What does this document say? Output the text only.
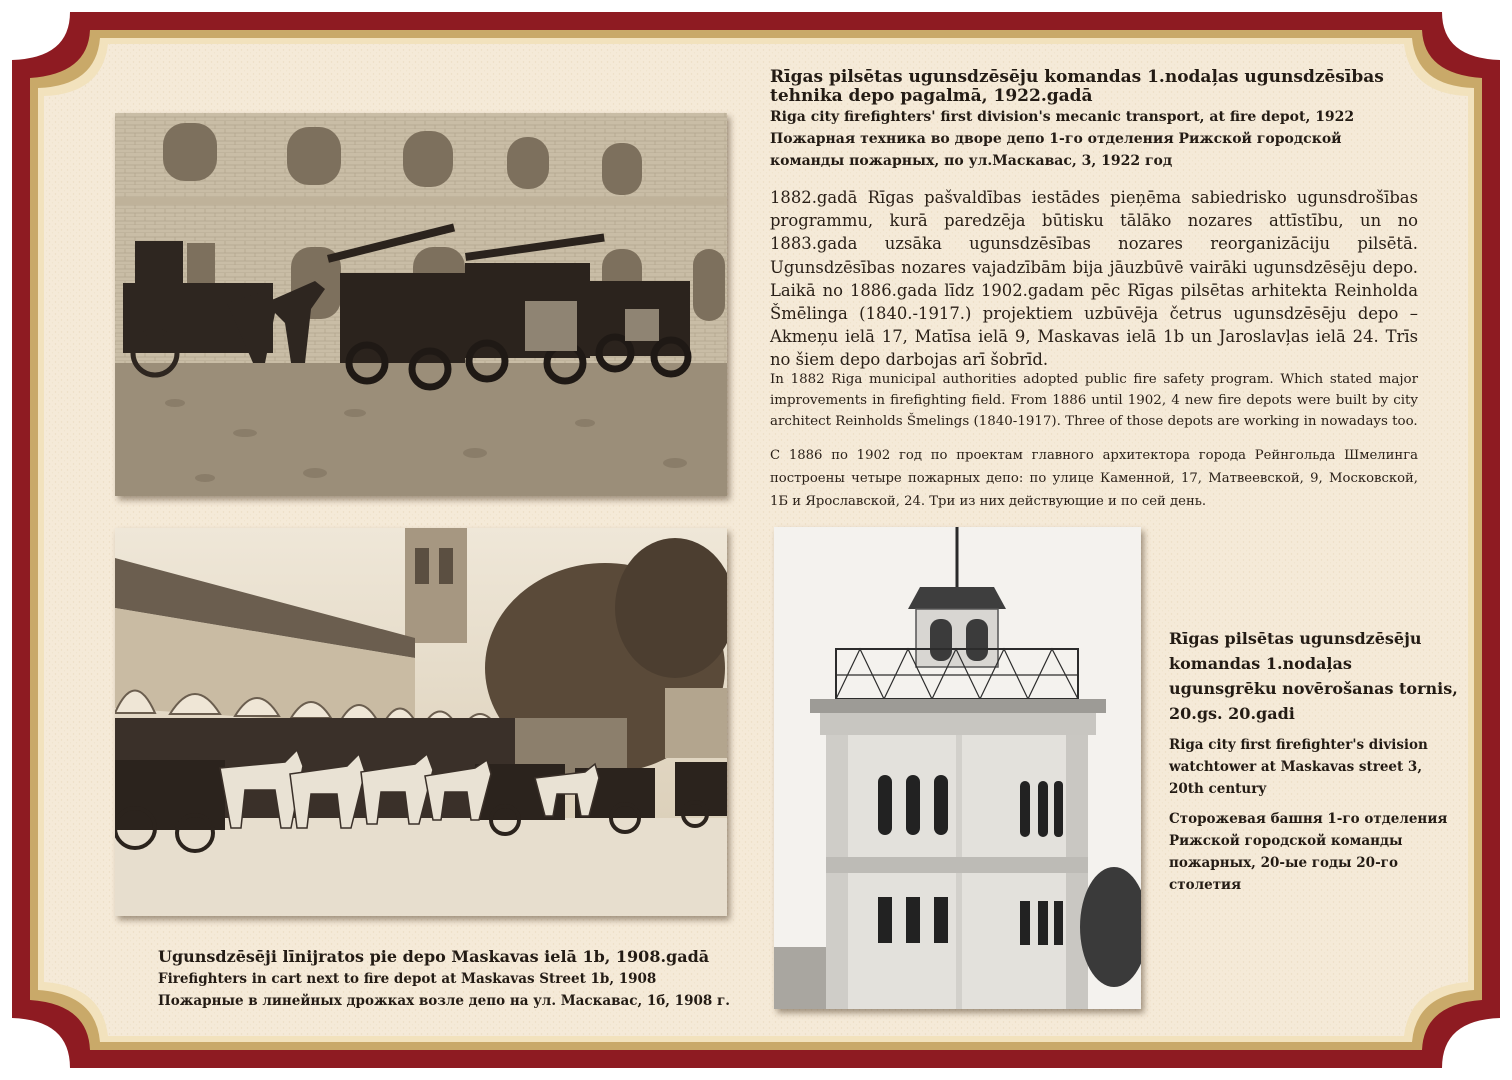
Rīgas pilsētas ugunsdzēsēju komandas 1.nodaļas ugunsdzēsības tehnika depo pagalmā, 1922.gadā

Riga city firefighters' first division's mecanic transport, at fire depot, 1922

Пожарная техника во дворе депо 1-го отделения Рижской городской команды пожарных, по ул.Маскавас, 3, 1922 год

1882.gadā Rīgas pašvaldības iestādes pieņēma sabiedrisko ugunsdrošības programmu, kurā paredzēja būtisku tālāko nozares attīstību, un no 1883.gada uzsāka ugunsdzēsības nozares reorganizāciju pilsētā. Ugunsdzēsības nozares vajadzībām bija jāuzbūvē vairāki ugunsdzēsēju depo. Laikā no 1886.gada līdz 1902.gadam pēc Rīgas pilsētas arhitekta Reinholda Šmēlinga (1840.-1917.) projektiem uzbūvēja četrus ugunsdzēsēju depo – Akmeņu ielā 17, Matīsa ielā 9, Maskavas ielā 1b un Jaroslavļas ielā 24. Trīs no šiem depo darbojas arī šobrīd.

In 1882 Riga municipal authorities adopted public fire safety program. Which stated major improvements in firefighting field. From 1886 until 1902, 4 new fire depots were built by city architect Reinholds Šmelings (1840-1917). Three of those depots are working in nowadays too.

С 1886 по 1902 год по проектам главного архитектора города Рейнгольда Шмелинга построены четыре пожарных депо: по улице Каменной, 17, Матвеевской, 9, Московской, 1Б и Ярославской, 24. Три из них действующие и по сей день.

Ugunsdzēsēji līnijratos pie depo Maskavas ielā 1b, 1908.gadā

Firefighters in cart next to fire depot at Maskavas Street 1b, 1908

Пожарные в линейных дрожках возле депо на ул. Маскавас, 1б, 1908 г.

Rīgas pilsētas ugunsdzēsēju komandas 1.nodaļas ugunsgrēku novērošanas tornis, 20.gs. 20.gadi

Riga city first firefighter's division watchtower at Maskavas street 3, 20th century

Сторожевая башня 1-го отделения Рижской городской команды пожарных, 20-ые годы 20-го столетия
